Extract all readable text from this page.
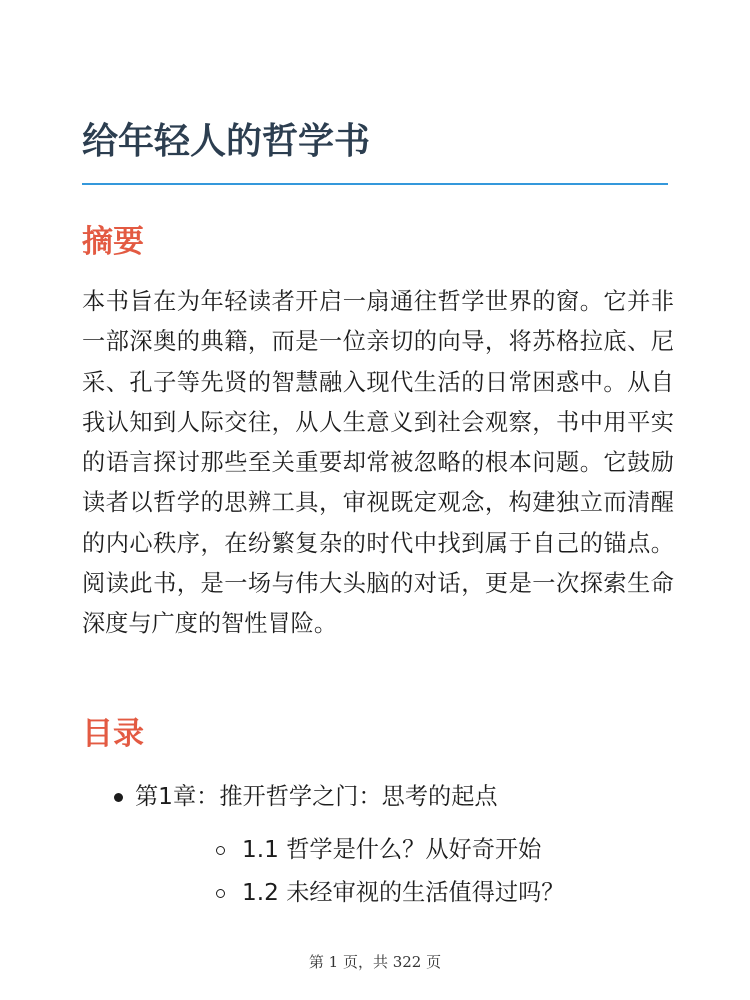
给年轻人的哲学书
摘要

本书旨在为年轻读者开启一扇通往哲学世界的窗。它并非一部深奥的典籍，而是一位亲切的向导，将苏格拉底、尼采、孔子等先贤的智慧融入现代生活的日常困惑中。从自我认知到人际交往，从人生意义到社会观察，书中用平实的语言探讨那些至关重要却常被忽略的根本问题。它鼓励读者以哲学的思辨工具，审视既定观念，构建独立而清醒的内心秩序，在纷繁复杂的时代中找到属于自己的锚点。阅读此书，是一场与伟大头脑的对话，更是一次探索生命深度与广度的智性冒险。

目录
第1章：推开哲学之门：思考的起点
1.1 哲学是什么？从好奇开始
1.2 未经审视的生活值得过吗？
第 1 页，共 322 页
